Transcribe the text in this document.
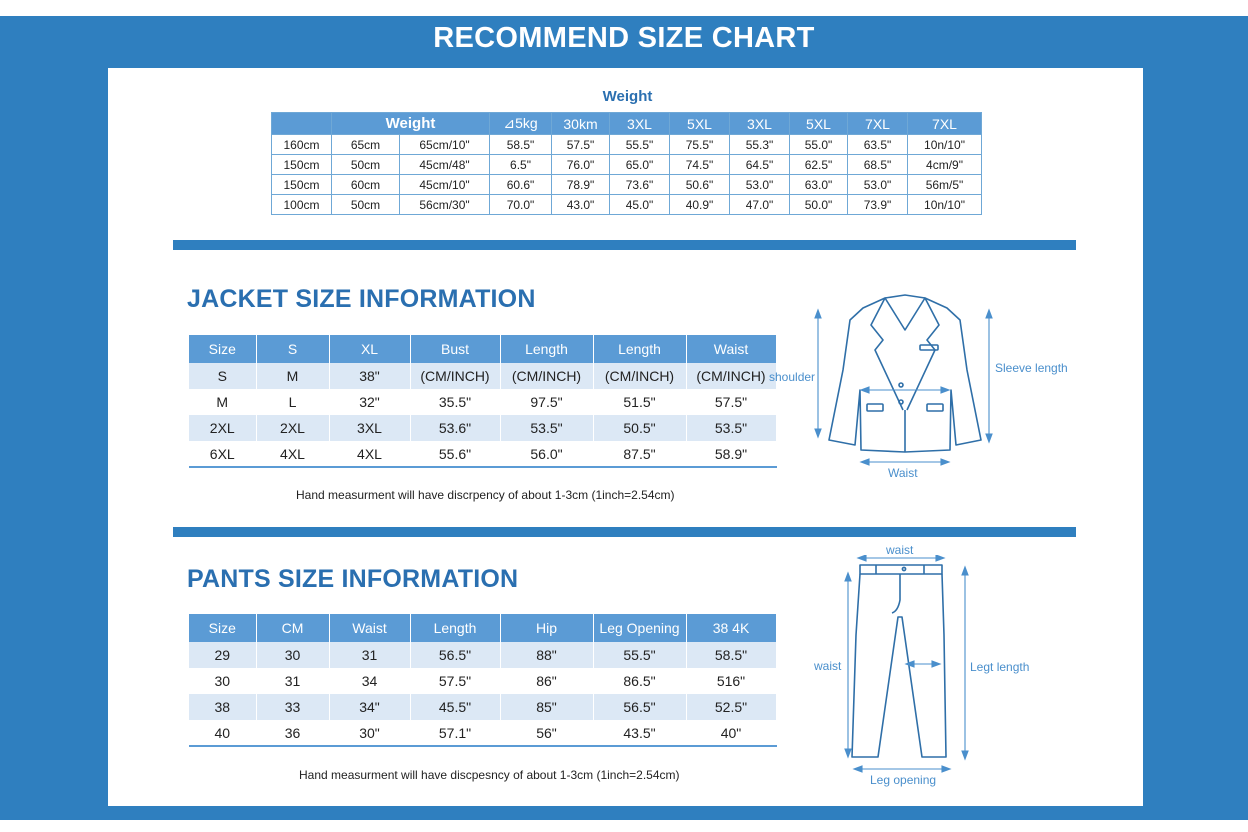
RECOMMEND SIZE CHART
Weight
	Weight		⊿5kg	30km	3XL	5XL	3XL	5XL	7XL	7XL
160cm	65cm	65cm/10"	58.5"	57.5"	55.5"	75.5"	55.3"	55.0"	63.5"	10n/10"
150cm	50cm	45cm/48"	6.5"	76.0"	65.0"	74.5"	64.5"	62.5"	68.5"	4cm/9"
150cm	60cm	45cm/10"	60.6"	78.9"	73.6"	50.6"	53.0"	63.0"	53.0"	56m/5"
100cm	50cm	56cm/30"	70.0"	43.0"	45.0"	40.9"	47.0"	50.0"	73.9"	10n/10"
JACKET SIZE INFORMATION
Size	S	XL	Bust	Length	Length	Waist
S	M	38"	(CM/INCH)	(CM/INCH)	(CM/INCH)	(CM/INCH)
M	L	32"	35.5"	97.5"	51.5"	57.5"
2XL	2XL	3XL	53.6"	53.5"	50.5"	53.5"
6XL	4XL	4XL	55.6"	56.0"	87.5"	58.9"
Hand measurment will have discrpency of about 1-3cm (1inch=2.54cm)
shoulder
Sleeve length
Waist
PANTS SIZE INFORMATION
Size	CM	Waist	Length	Hip	Leg Opening	38 4K
29	30	31	56.5"	88"	55.5"	58.5"
30	31	34	57.5"	86"	86.5"	516"
38	33	34"	45.5"	85"	56.5"	52.5"
40	36	30"	57.1"	56"	43.5"	40"
Hand measurment will have discpesncy of about 1-3cm (1inch=2.54cm)
waist
waist	Legt length
Leg opening
